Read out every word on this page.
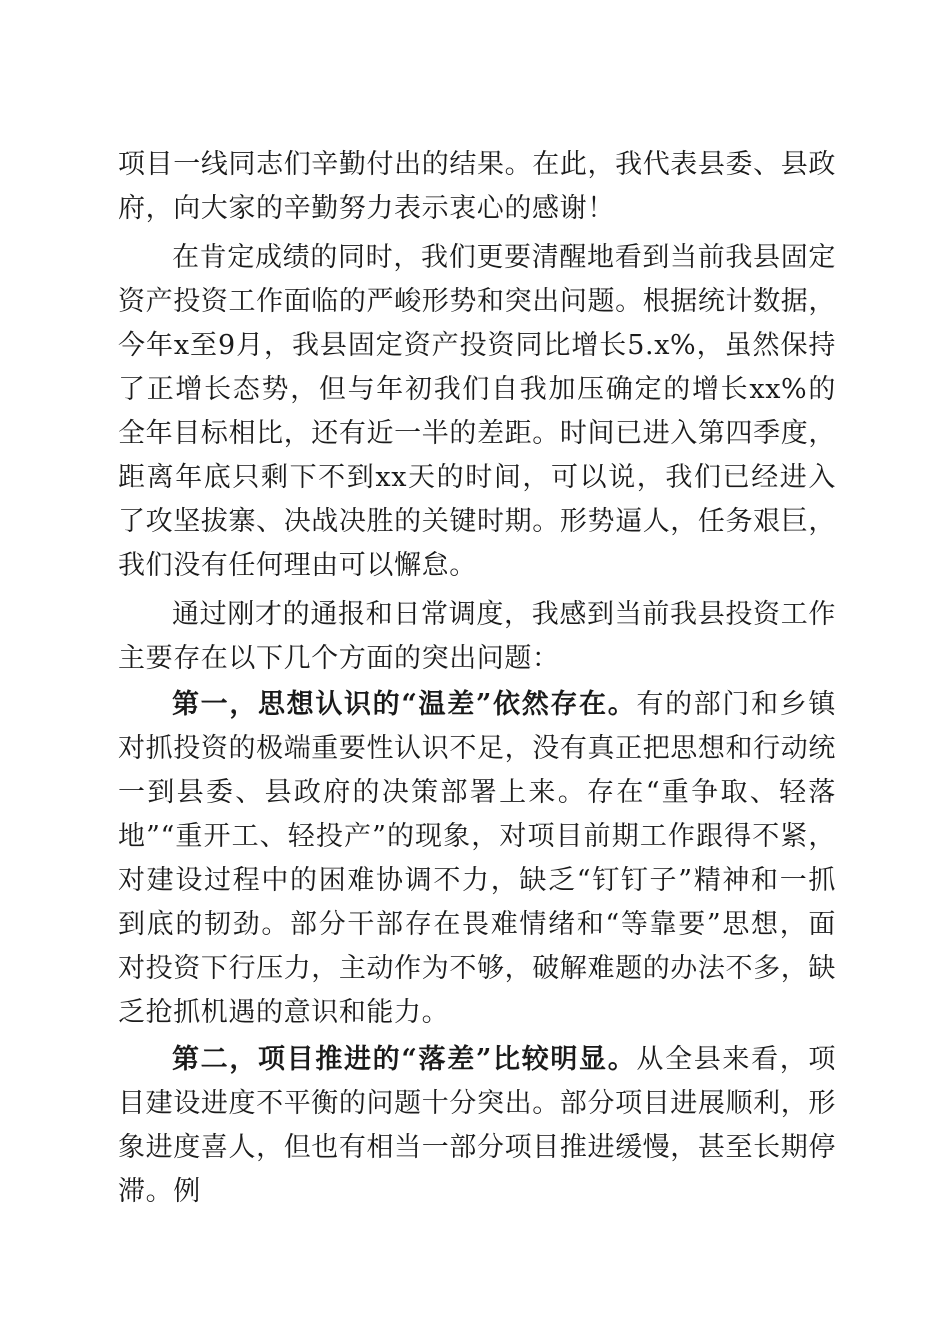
项目一线同志们辛勤付出的结果。在此，我代表县委、县政府，向大家的辛勤努力表示衷心的感谢！

在肯定成绩的同时，我们更要清醒地看到当前我县固定资产投资工作面临的严峻形势和突出问题。根据统计数据，今年x至9月，我县固定资产投资同比增长5.x%，虽然保持了正增长态势，但与年初我们自我加压确定的增长xx%的全年目标相比，还有近一半的差距。时间已进入第四季度，距离年底只剩下不到xx天的时间，可以说，我们已经进入了攻坚拔寨、决战决胜的关键时期。形势逼人，任务艰巨，我们没有任何理由可以懈怠。

通过刚才的通报和日常调度，我感到当前我县投资工作主要存在以下几个方面的突出问题：

第一，思想认识的“温差”依然存在。有的部门和乡镇对抓投资的极端重要性认识不足，没有真正把思想和行动统一到县委、县政府的决策部署上来。存在“重争取、轻落地”“重开工、轻投产”的现象，对项目前期工作跟得不紧，对建设过程中的困难协调不力，缺乏“钉钉子”精神和一抓到底的韧劲。部分干部存在畏难情绪和“等靠要”思想，面对投资下行压力，主动作为不够，破解难题的办法不多，缺乏抢抓机遇的意识和能力。

第二，项目推进的“落差”比较明显。从全县来看，项目建设进度不平衡的问题十分突出。部分项目进展顺利，形象进度喜人，但也有相当一部分项目推进缓慢，甚至长期停滞。例
